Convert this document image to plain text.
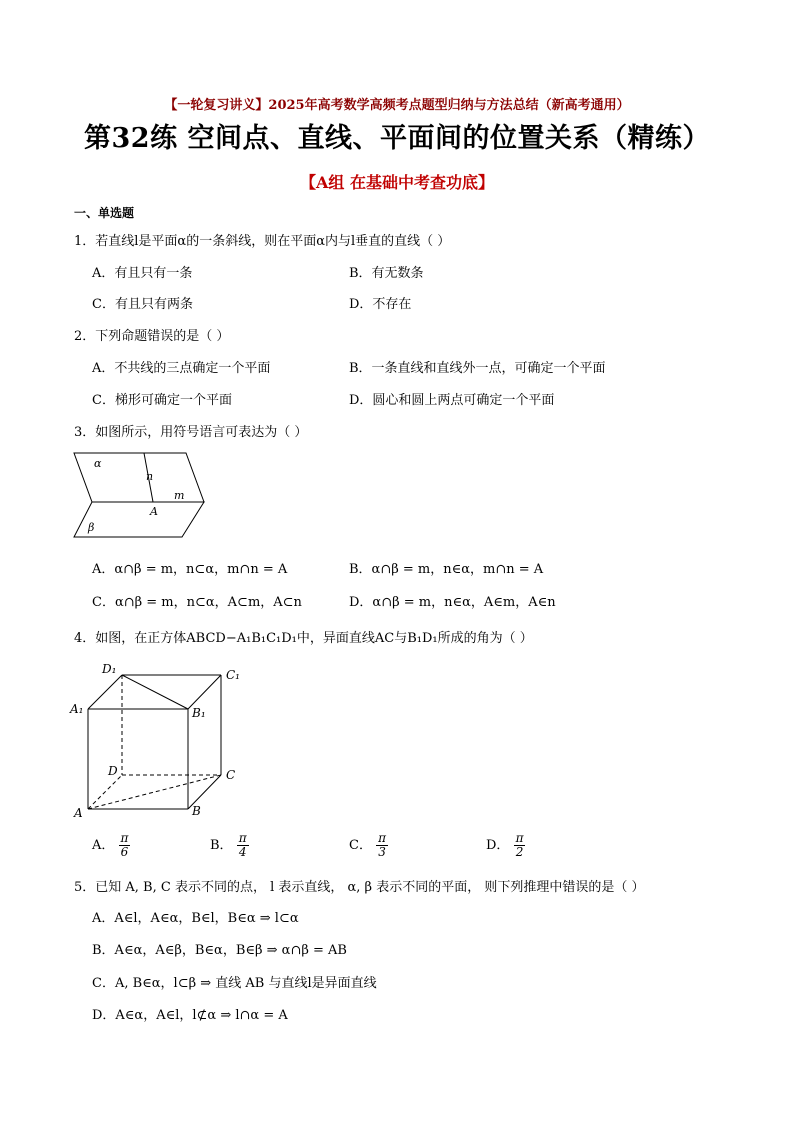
【一轮复习讲义】2025年高考数学高频考点题型归纳与方法总结（新高考通用）
第32练 空间点、直线、平面间的位置关系（精练）
【A组 在基础中考查功底】
一、单选题
1．若直线l是平面α的一条斜线，则在平面α内与l垂直的直线（ ）
A．有且只有一条	B．有无数条
C．有且只有两条	D．不存在
2．下列命题错误的是（ ）
A．不共线的三点确定一个平面	B．一条直线和直线外一点，可确定一个平面
C．梯形可确定一个平面	D．圆心和圆上两点可确定一个平面
3．如图所示，用符号语言可表达为（ ）
α
n
m
A
β
A．α∩β = m，n⊂α，m∩n = A	B．α∩β = m，n∈α，m∩n = A
C．α∩β = m，n⊂α，A⊂m，A⊂n	D．α∩β = m，n∈α，A∈m，A∈n
4．如图，在正方体ABCD−A₁B₁C₁D₁中，异面直线AC与B₁D₁所成的角为（ ）
D₁	C₁
A₁	B₁
D	C
A	B
A． $\frac{\pi}{6}$	B． $\frac{\pi}{4}$	C． $\frac{\pi}{3}$	D． $\frac{\pi}{2}$
5．已知 A, B, C 表示不同的点， l 表示直线， α, β 表示不同的平面， 则下列推理中错误的是（ ）
A．A∈l，A∈α，B∈l，B∈α ⇒ l⊂α
B．A∈α，A∈β，B∈α，B∈β ⇒ α∩β = AB
C．A, B∈α，l⊂β ⇒ 直线 AB 与直线l是异面直线
D．A∈α，A∈l，l⊄α ⇒ l∩α = A
